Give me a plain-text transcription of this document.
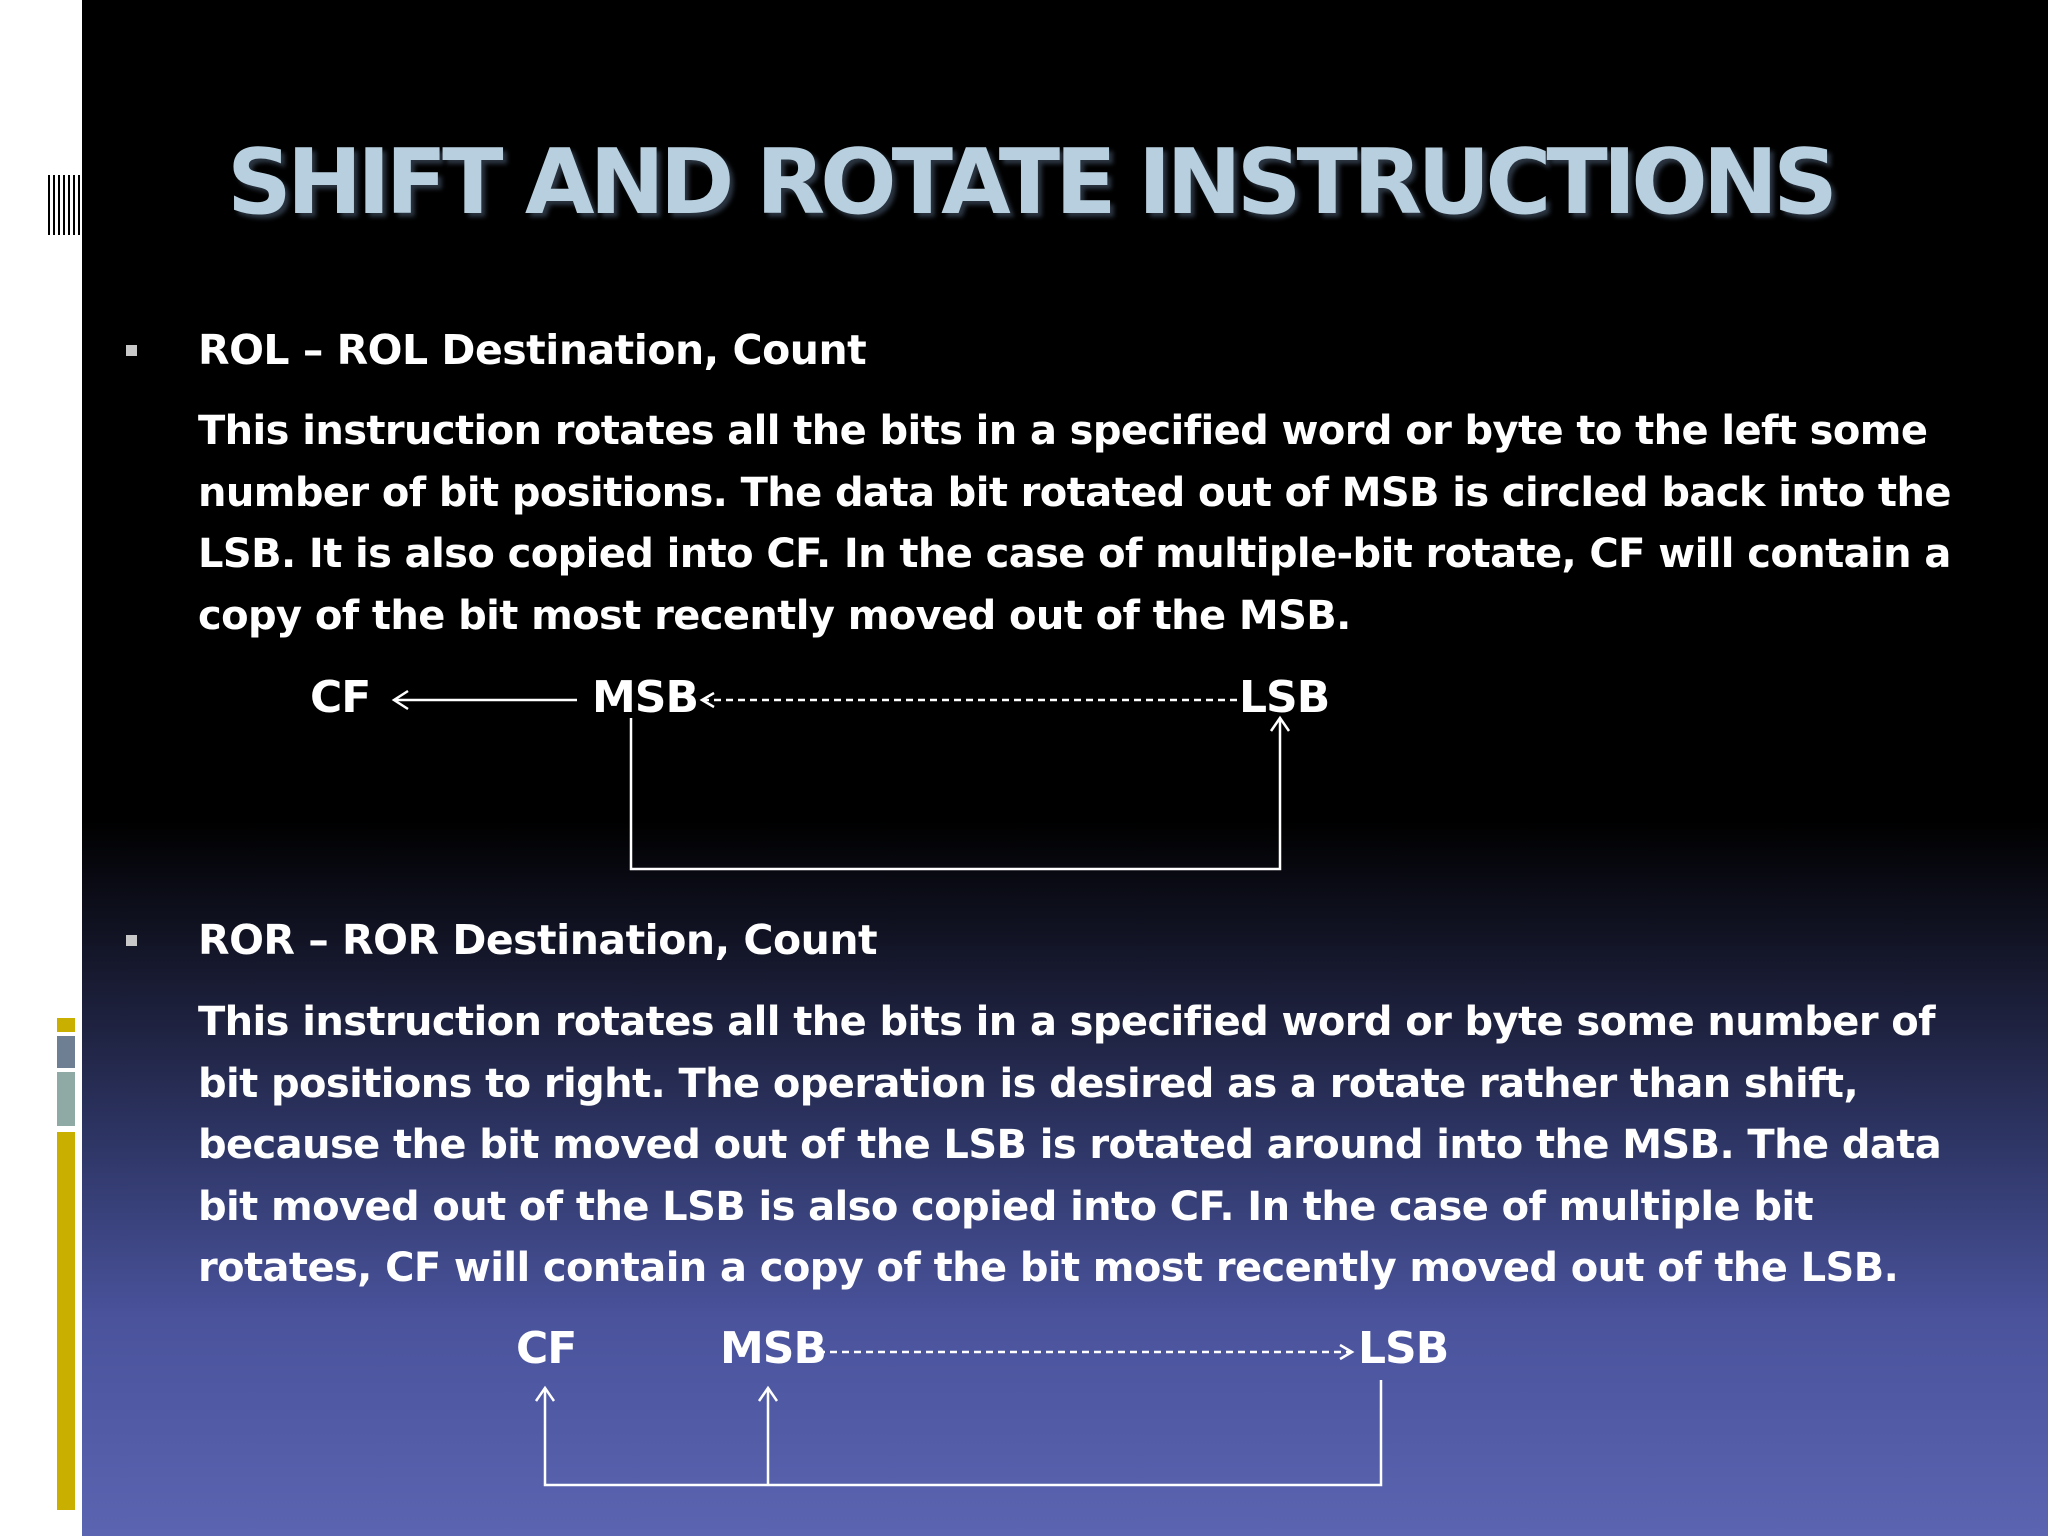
SHIFT AND ROTATE INSTRUCTIONS
ROL – ROL Destination, Count

This instruction rotates all the bits in a specified word or byte to the left some
number of bit positions. The data bit rotated out of MSB is circled back into the
LSB. It is also copied into CF. In the case of multiple-bit rotate, CF will contain a
copy of the bit most recently moved out of the MSB.

ROR – ROR Destination, Count

This instruction rotates all the bits in a specified word or byte some number of
bit positions to right. The operation is desired as a rotate rather than shift,
because the bit moved out of the LSB is rotated around into the MSB. The data
bit moved out of the LSB is also copied into CF. In the case of multiple bit
rotates, CF will contain a copy of the bit most recently moved out of the LSB.

CF	MSB	LSB
CF	MSB	LSB
